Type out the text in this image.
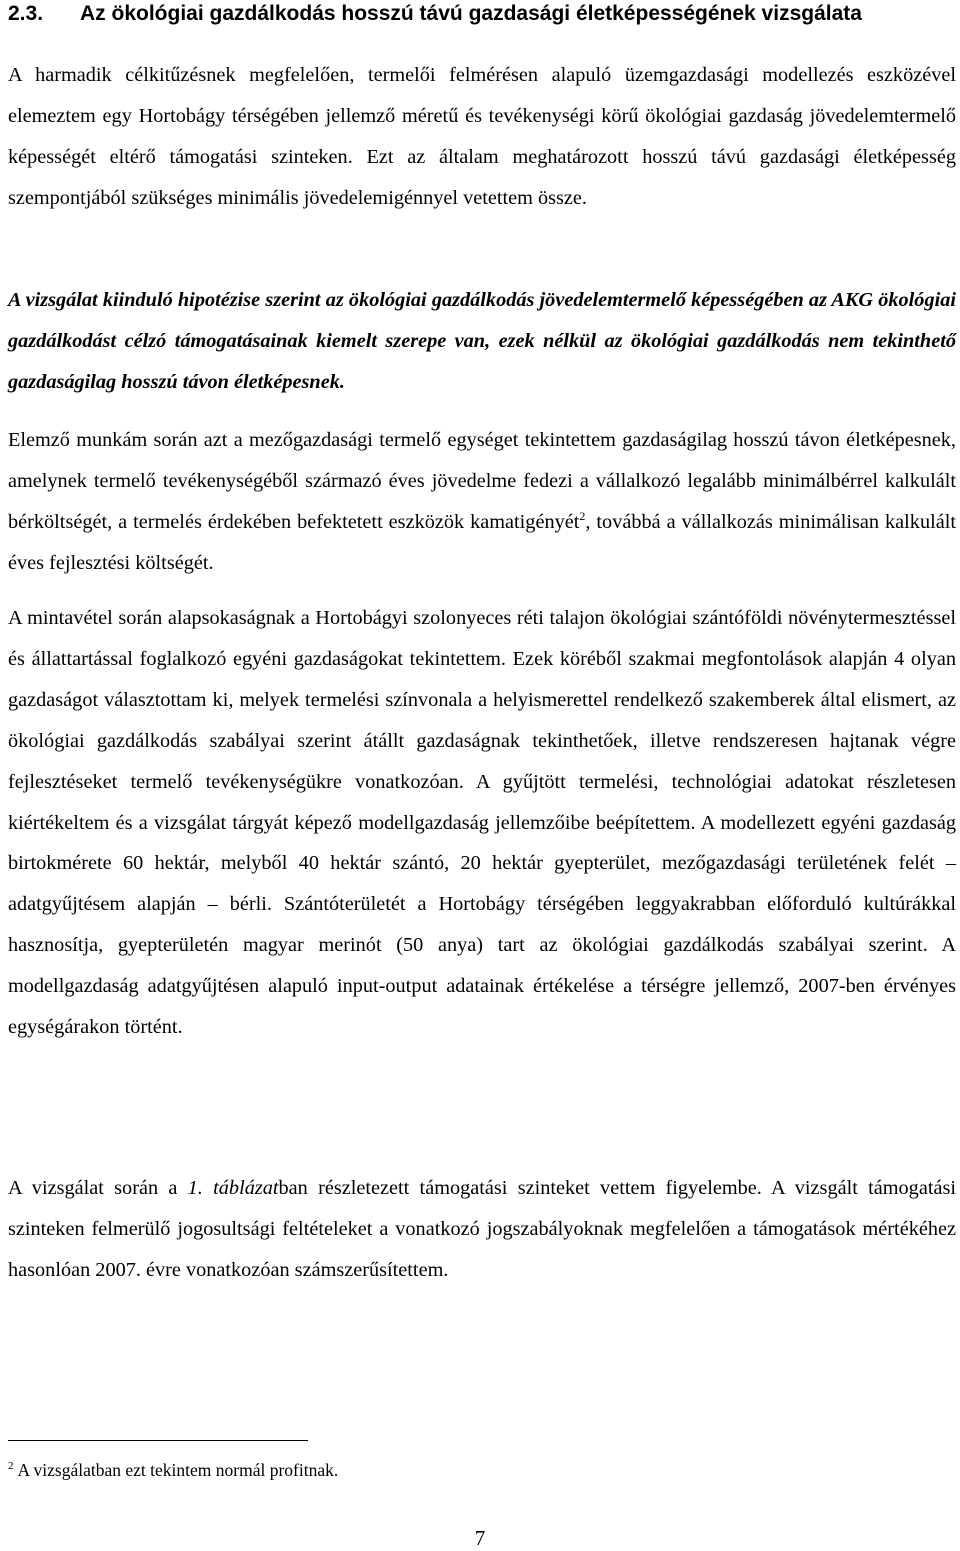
2.3. Az ökológiai gazdálkodás hosszú távú gazdasági életképességének vizsgálata

A harmadik célkitűzésnek megfelelően, termelői felmérésen alapuló üzemgazdasági modellezés eszközével elemeztem egy Hortobágy térségében jellemző méretű és tevékenységi körű ökológiai gazdaság jövedelemtermelő képességét eltérő támogatási szinteken. Ezt az általam meghatározott hosszú távú gazdasági életképesség szempontjából szükséges minimális jövedelemigénnyel vetettem össze.

A vizsgálat kiinduló hipotézise szerint az ökológiai gazdálkodás jövedelemtermelő képességében az AKG ökológiai gazdálkodást célzó támogatásainak kiemelt szerepe van, ezek nélkül az ökológiai gazdálkodás nem tekinthető gazdaságilag hosszú távon életképesnek.

Elemző munkám során azt a mezőgazdasági termelő egységet tekintettem gazdaságilag hosszú távon életképesnek, amelynek termelő tevékenységéből származó éves jövedelme fedezi a vállalkozó legalább minimálbérrel kalkulált bérköltségét, a termelés érdekében befektetett eszközök kamatigényét$^2$, továbbá a vállalkozás minimálisan kalkulált éves fejlesztési költségét.

A mintavétel során alapsokaságnak a Hortobágyi szolonyeces réti talajon ökológiai szántóföldi növénytermesztéssel és állattartással foglalkozó egyéni gazdaságokat tekintettem. Ezek köréből szakmai megfontolások alapján 4 olyan gazdaságot választottam ki, melyek termelési színvonala a helyismerettel rendelkező szakemberek által elismert, az ökológiai gazdálkodás szabályai szerint átállt gazdaságnak tekinthetőek, illetve rendszeresen hajtanak végre fejlesztéseket termelő tevékenységükre vonatkozóan. A gyűjtött termelési, technológiai adatokat részletesen kiértékeltem és a vizsgálat tárgyát képező modellgazdaság jellemzőibe beépítettem. A modellezett egyéni gazdaság birtokmérete 60 hektár, melyből 40 hektár szántó, 20 hektár gyepterület, mezőgazdasági területének felét – adatgyűjtésem alapján – bérli. Szántóterületét a Hortobágy térségében leggyakrabban előforduló kultúrákkal hasznosítja, gyepterületén magyar merinót (50 anya) tart az ökológiai gazdálkodás szabályai szerint. A modellgazdaság adatgyűjtésen alapuló input-output adatainak értékelése a térségre jellemző, 2007-ben érvényes egységárakon történt.

A vizsgálat során a 1. táblázatban részletezett támogatási szinteket vettem figyelembe. A vizsgált támogatási szinteken felmerülő jogosultsági feltételeket a vonatkozó jogszabályoknak megfelelően a támogatások mértékéhez hasonlóan 2007. évre vonatkozóan számszerűsítettem.

$^2$ A vizsgálatban ezt tekintem normál profitnak.
7
